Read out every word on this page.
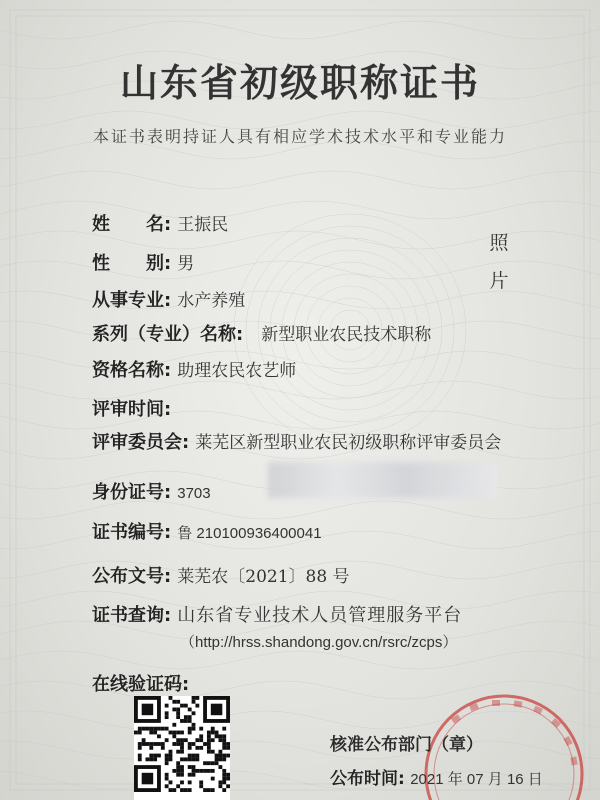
山东省初级职称证书
本证书表明持证人具有相应学术技术水平和专业能力
照
片
姓　　名: 王振民
性　　别: 男
从事专业: 水产养殖
系列（专业）名称: 新型职业农民技术职称
资格名称: 助理农民农艺师
评审时间:
评审委员会: 莱芜区新型职业农民初级职称评审委员会
身份证号: 3703
证书编号: 鲁 210100936400041
公布文号: 莱芜农〔2021〕88 号
证书查询: 山东省专业技术人员管理服务平台
（http://hrss.shandong.gov.cn/rsrc/zcps）
在线验证码:
核准公布部门（章）
公布时间: 2021 年 07 月 16 日
